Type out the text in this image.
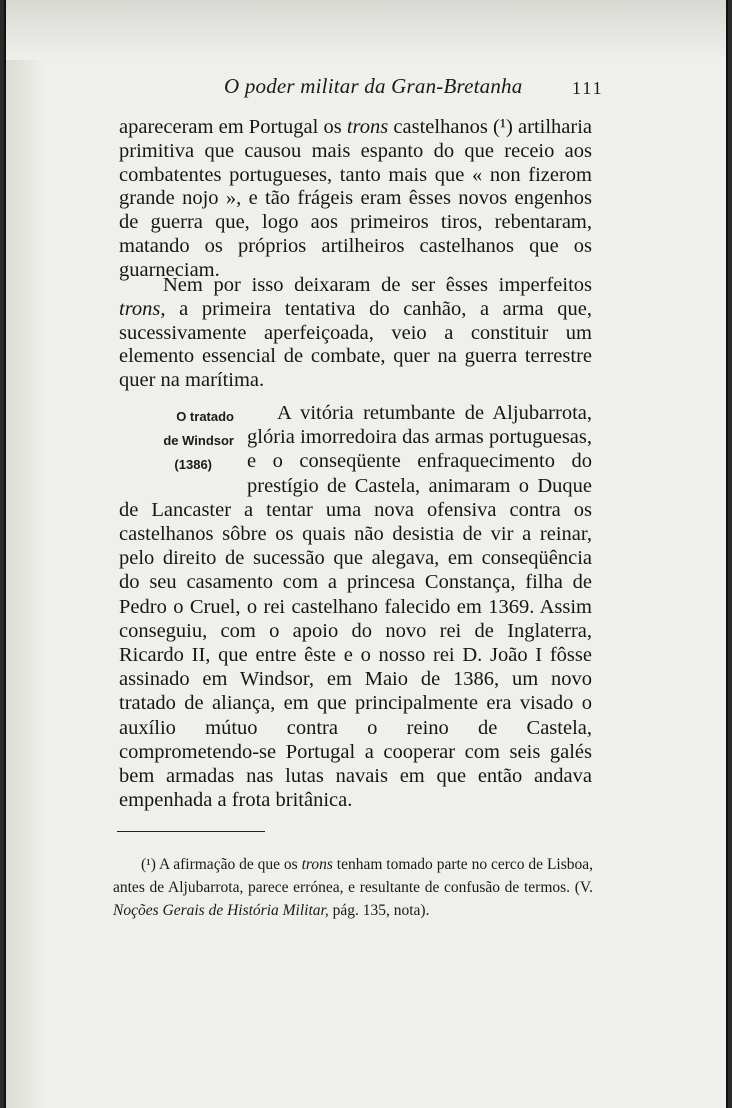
O poder militar da Gran-Bretanha	111

apareceram em Portugal os trons castelhanos (¹) artilharia primitiva que causou mais espanto do que receio aos combatentes portugueses, tanto mais que « non fizerom grande nojo », e tão frágeis eram êsses novos engenhos de guerra que, logo aos primeiros tiros, rebentaram, matando os próprios artilheiros castelhanos que os guarneciam.

Nem por isso deixaram de ser êsses imperfeitos trons, a primeira tentativa do canhão, a arma que, sucessivamente aperfeiçoada, veio a constituir um elemento essencial de combate, quer na guerra terrestre quer na marítima.

O tratado
de Windsor
(1386)
A vitória retumbante de Aljubarrota, glória imorredoira das armas portuguesas, e o conseqüente enfraquecimento do prestígio de Castela, animaram o Duque de Lancaster a tentar uma nova ofensiva contra os castelhanos sôbre os quais não desistia de vir a reinar, pelo direito de sucessão que alegava, em conseqüência do seu casamento com a princesa Constança, filha de Pedro o Cruel, o rei castelhano falecido em 1369. Assim conseguiu, com o apoio do novo rei de Inglaterra, Ricardo II, que entre êste e o nosso rei D. João I fôsse assinado em Windsor, em Maio de 1386, um novo tratado de aliança, em que principalmente era visado o auxílio mútuo contra o reino de Castela, comprometendo-se Portugal a cooperar com seis galés bem armadas nas lutas navais em que então andava empenhada a frota britânica.

(¹) A afirmação de que os trons tenham tomado parte no cerco de Lisboa, antes de Aljubarrota, parece errónea, e resultante de confusão de termos. (V. Noções Gerais de História Militar, pág. 135, nota).
